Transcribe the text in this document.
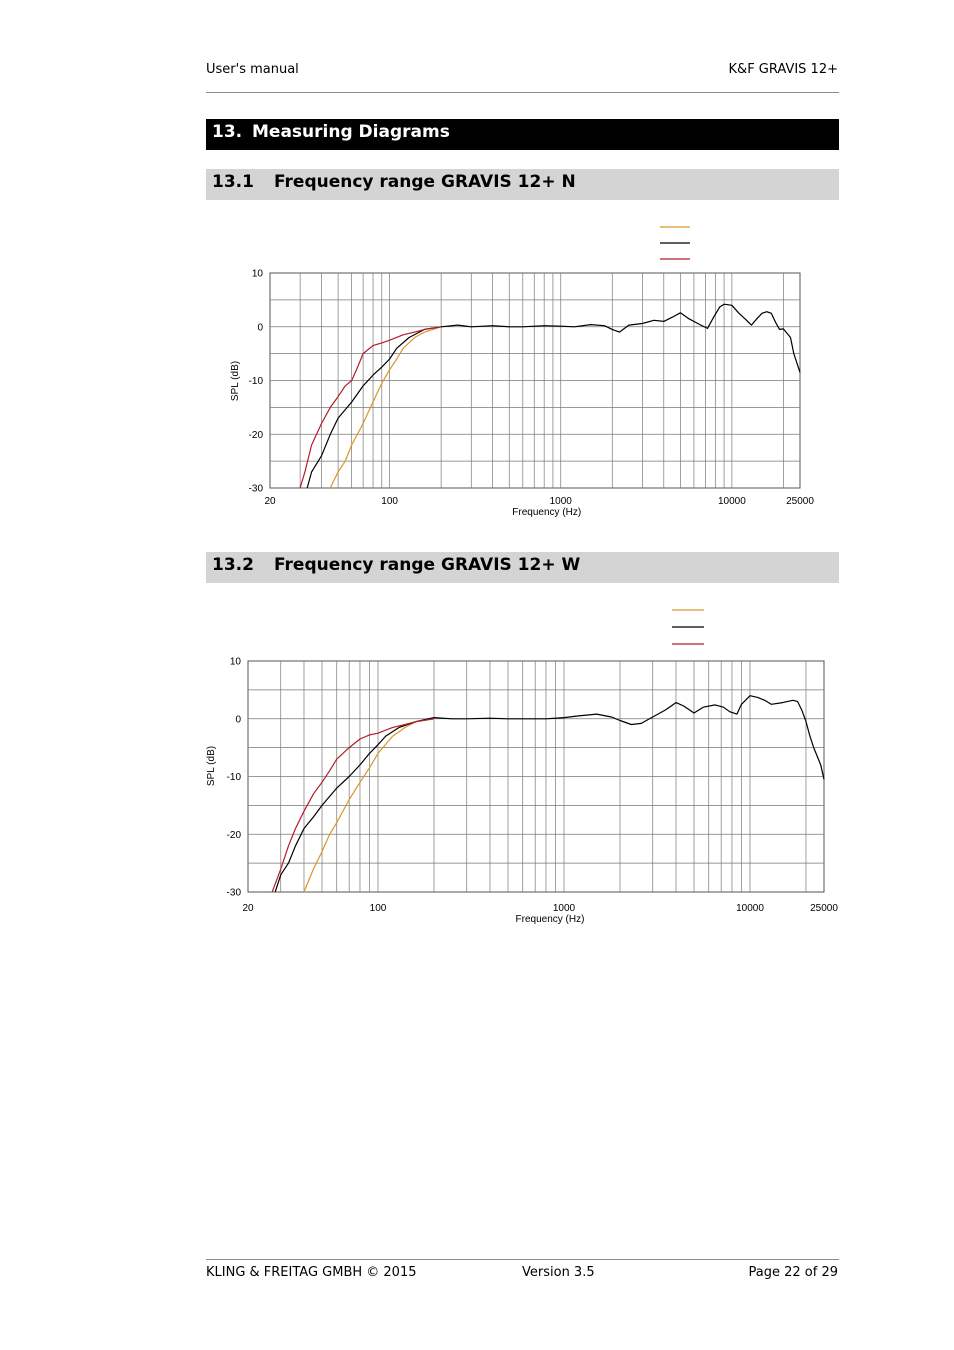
User's manual	K&F GRAVIS 12+
13. Measuring Diagrams
13.1 Frequency range GRAVIS 12+ N
10
0
-10
-20
-30
20	100	1000	10000	25000
Frequency (Hz)
SPL (dB)
13.2 Frequency range GRAVIS 12+ W
10
0
-10
-20
-30
20	100	1000	10000	25000
Frequency (Hz)
SPL (dB)
KLING & FREITAG GMBH © 2015	Version 3.5	Page 22 of 29
